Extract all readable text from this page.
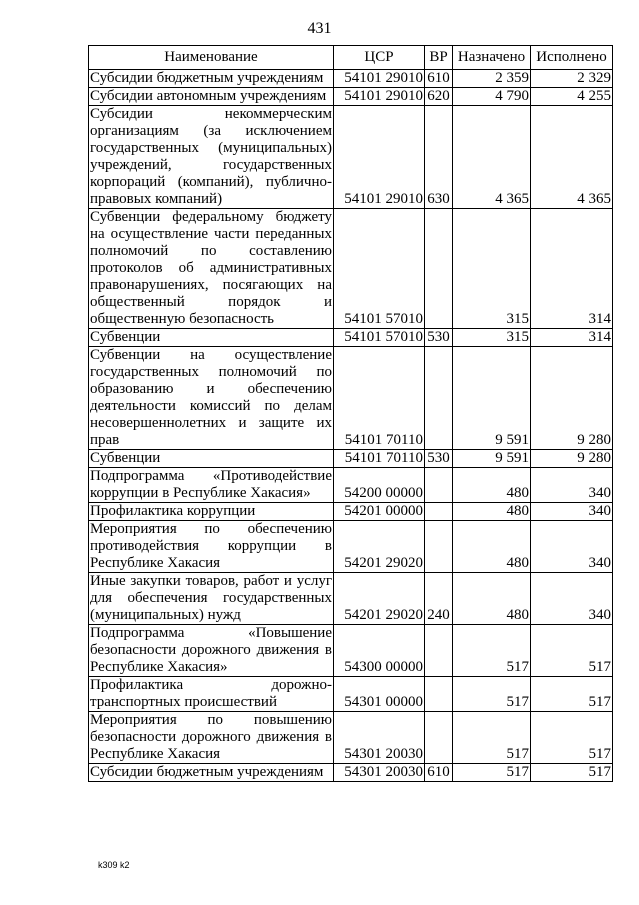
431
Наименование	ЦСР	ВР	Назначено	Исполнено
Субсидии бюджетным учреждениям	54101 29010	610	2 359	2 329
Субсидии автономным учреждениям	54101 29010	620	4 790	4 255
Субсидии некоммерческим организациям (за исключением государственных (муниципальных) учреждений, государственных корпораций (компаний), публично-правовых компаний)	54101 29010	630	4 365	4 365
Субвенции федеральному бюджету на осуществление части переданных полномочий по составлению протоколов об административных правонарушениях, посягающих на общественный порядок и общественную безопасность	54101 57010		315	314
Субвенции	54101 57010	530	315	314
Субвенции на осуществление государственных полномочий по образованию и обеспечению деятельности комиссий по делам несовершеннолетних и защите их прав	54101 70110		9 591	9 280
Субвенции	54101 70110	530	9 591	9 280
Подпрограмма «Противодействие коррупции в Республике Хакасия»	54200 00000		480	340
Профилактика коррупции	54201 00000		480	340
Мероприятия по обеспечению противодействия коррупции в Республике Хакасия	54201 29020		480	340
Иные закупки товаров, работ и услуг для обеспечения государственных (муниципальных) нужд	54201 29020	240	480	340
Подпрограмма «Повышение безопасности дорожного движения в Республике Хакасия»	54300 00000		517	517
Профилактика дорожно-транспортных происшествий	54301 00000		517	517
Мероприятия по повышению безопасности дорожного движения в Республике Хакасия	54301 20030		517	517
Субсидии бюджетным учреждениям	54301 20030	610	517	517
k309 k2
